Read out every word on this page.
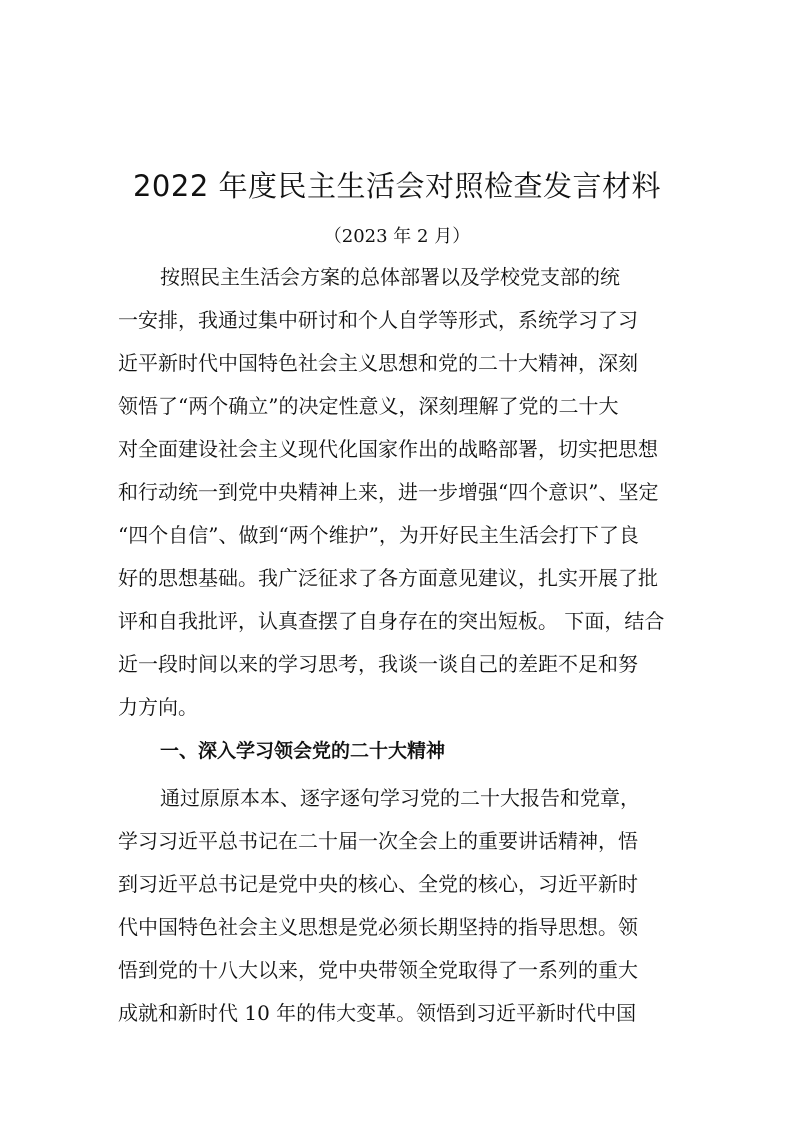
2022 年度民主生活会对照检查发言材料
（2023 年 2 月）
按照民主生活会方案的总体部署以及学校党支部的统
一安排，我通过集中研讨和个人自学等形式，系统学习了习
近平新时代中国特色社会主义思想和党的二十大精神，深刻
领悟了“两个确立”的决定性意义，深刻理解了党的二十大
对全面建设社会主义现代化国家作出的战略部署，切实把思想
和行动统一到党中央精神上来，进一步增强“四个意识”、坚定
“四个自信”、做到“两个维护”，为开好民主生活会打下了良
好的思想基础。我广泛征求了各方面意见建议，扎实开展了批
评和自我批评，认真查摆了自身存在的突出短板。 下面，结合
近一段时间以来的学习思考，我谈一谈自己的差距不足和努
力方向。
一、深入学习领会党的二十大精神
通过原原本本、逐字逐句学习党的二十大报告和党章，
学习习近平总书记在二十届一次全会上的重要讲话精神，悟
到习近平总书记是党中央的核心、全党的核心，习近平新时
代中国特色社会主义思想是党必须长期坚持的指导思想。领
悟到党的十八大以来，党中央带领全党取得了一系列的重大
成就和新时代 10 年的伟大变革。领悟到习近平新时代中国
